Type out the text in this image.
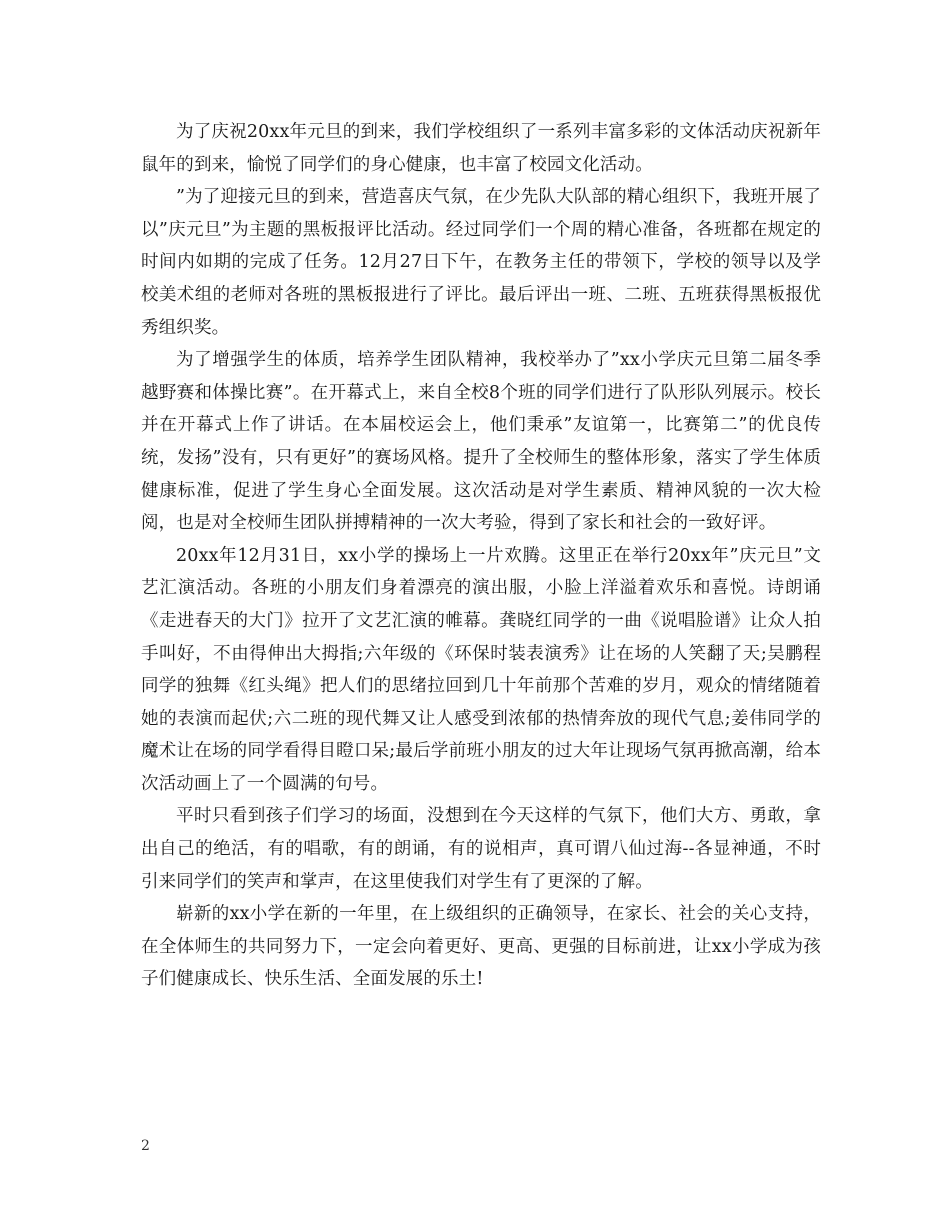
为了庆祝20xx年元旦的到来，我们学校组织了一系列丰富多彩的文体活动庆祝新年鼠年的到来，愉悦了同学们的身心健康，也丰富了校园文化活动。

”为了迎接元旦的到来，营造喜庆气氛，在少先队大队部的精心组织下，我班开展了以”庆元旦”为主题的黑板报评比活动。经过同学们一个周的精心准备，各班都在规定的时间内如期的完成了任务。12月27日下午，在教务主任的带领下，学校的领导以及学校美术组的老师对各班的黑板报进行了评比。最后评出一班、二班、五班获得黑板报优秀组织奖。

为了增强学生的体质，培养学生团队精神，我校举办了”xx小学庆元旦第二届冬季越野赛和体操比赛”。在开幕式上，来自全校8个班的同学们进行了队形队列展示。校长并在开幕式上作了讲话。在本届校运会上，他们秉承”友谊第一，比赛第二”的优良传统，发扬”没有，只有更好”的赛场风格。提升了全校师生的整体形象，落实了学生体质健康标准，促进了学生身心全面发展。这次活动是对学生素质、精神风貌的一次大检阅，也是对全校师生团队拼搏精神的一次大考验，得到了家长和社会的一致好评。

20xx年12月31日，xx小学的操场上一片欢腾。这里正在举行20xx年”庆元旦”文艺汇演活动。各班的小朋友们身着漂亮的演出服，小脸上洋溢着欢乐和喜悦。诗朗诵《走进春天的大门》拉开了文艺汇演的帷幕。龚晓红同学的一曲《说唱脸谱》让众人拍手叫好，不由得伸出大拇指;六年级的《环保时装表演秀》让在场的人笑翻了天;吴鹏程同学的独舞《红头绳》把人们的思绪拉回到几十年前那个苦难的岁月，观众的情绪随着她的表演而起伏;六二班的现代舞又让人感受到浓郁的热情奔放的现代气息;姜伟同学的魔术让在场的同学看得目瞪口呆;最后学前班小朋友的过大年让现场气氛再掀高潮，给本次活动画上了一个圆满的句号。

平时只看到孩子们学习的场面，没想到在今天这样的气氛下，他们大方、勇敢，拿出自己的绝活，有的唱歌，有的朗诵，有的说相声，真可谓八仙过海--各显神通，不时引来同学们的笑声和掌声，在这里使我们对学生有了更深的了解。

崭新的xx小学在新的一年里，在上级组织的正确领导，在家长、社会的关心支持，在全体师生的共同努力下，一定会向着更好、更高、更强的目标前进，让xx小学成为孩子们健康成长、快乐生活、全面发展的乐土!

2
